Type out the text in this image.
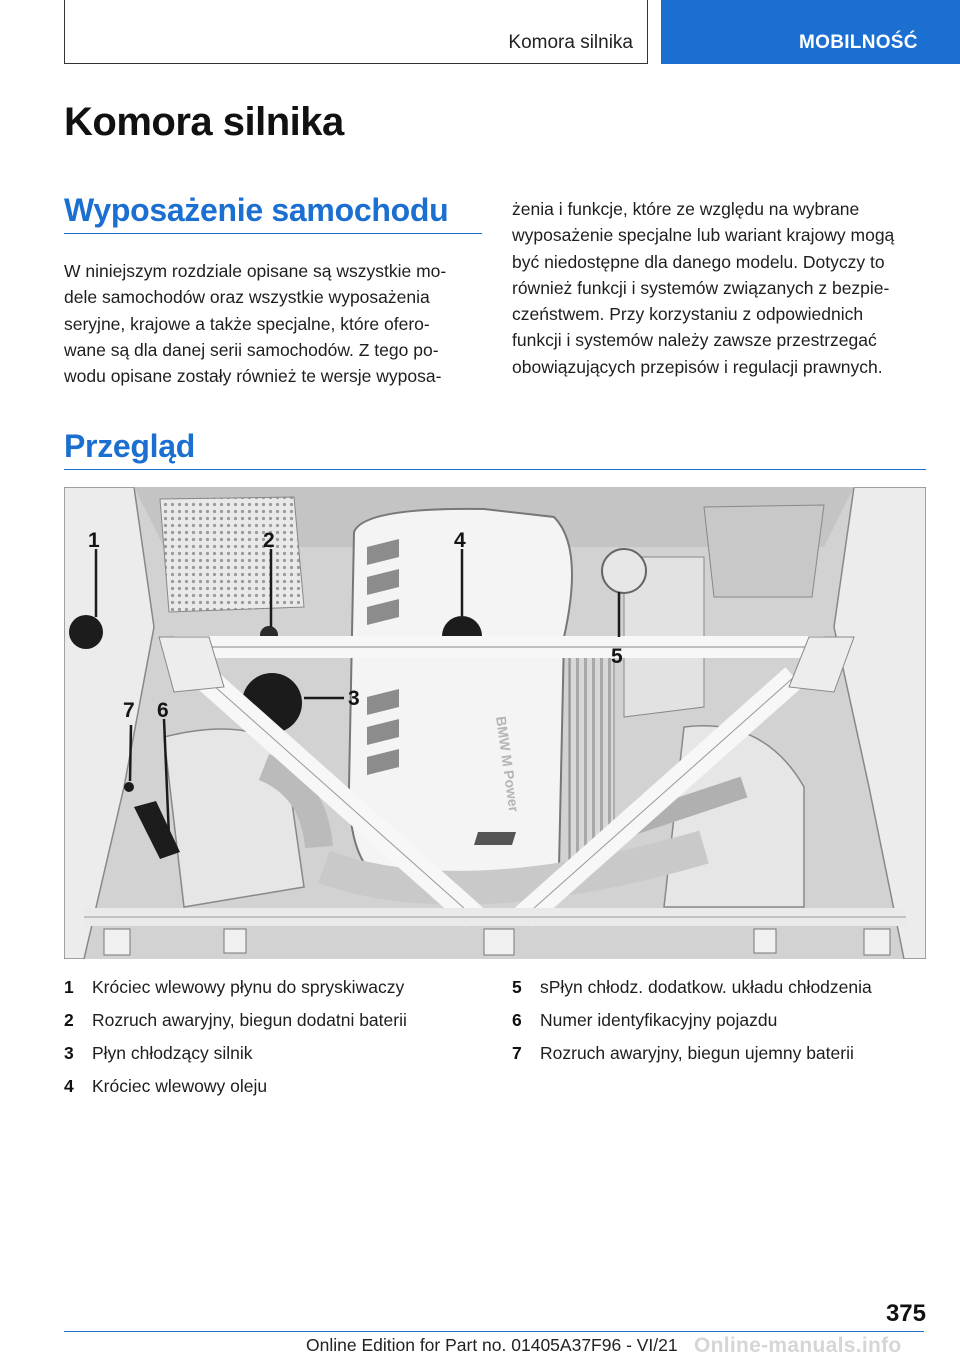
Komora silnika	MOBILNOŚĆ
Komora silnika
Wyposażenie samochodu
W niniejszym rozdziale opisane są wszystkie mo-
dele samochodów oraz wszystkie wyposażenia
seryjne, krajowe a także specjalne, które ofero-
wane są dla danej serii samochodów. Z tego po-
wodu opisane zostały również te wersje wyposa-
żenia i funkcje, które ze względu na wybrane
wyposażenie specjalne lub wariant krajowy mogą
być niedostępne dla danego modelu. Dotyczy to
również funkcji i systemów związanych z bezpie-
czeństwem. Przy korzystaniu z odpowiednich
funkcji i systemów należy zawsze przestrzegać
obowiązujących przepisów i regulacji prawnych.
Przegląd
BMW M Power
1	2
3
4
5
6
7
1 Króciec wlewowy płynu do spryskiwaczy
2 Rozruch awaryjny, biegun dodatni baterii
3 Płyn chłodzący silnik
4 Króciec wlewowy oleju
5 sPłyn chłodz. dodatkow. układu chłodzenia
6 Numer identyfikacyjny pojazdu
7 Rozruch awaryjny, biegun ujemny baterii
375
Online Edition for Part no. 01405A37F96 - VI/21 Online-manuals.info
